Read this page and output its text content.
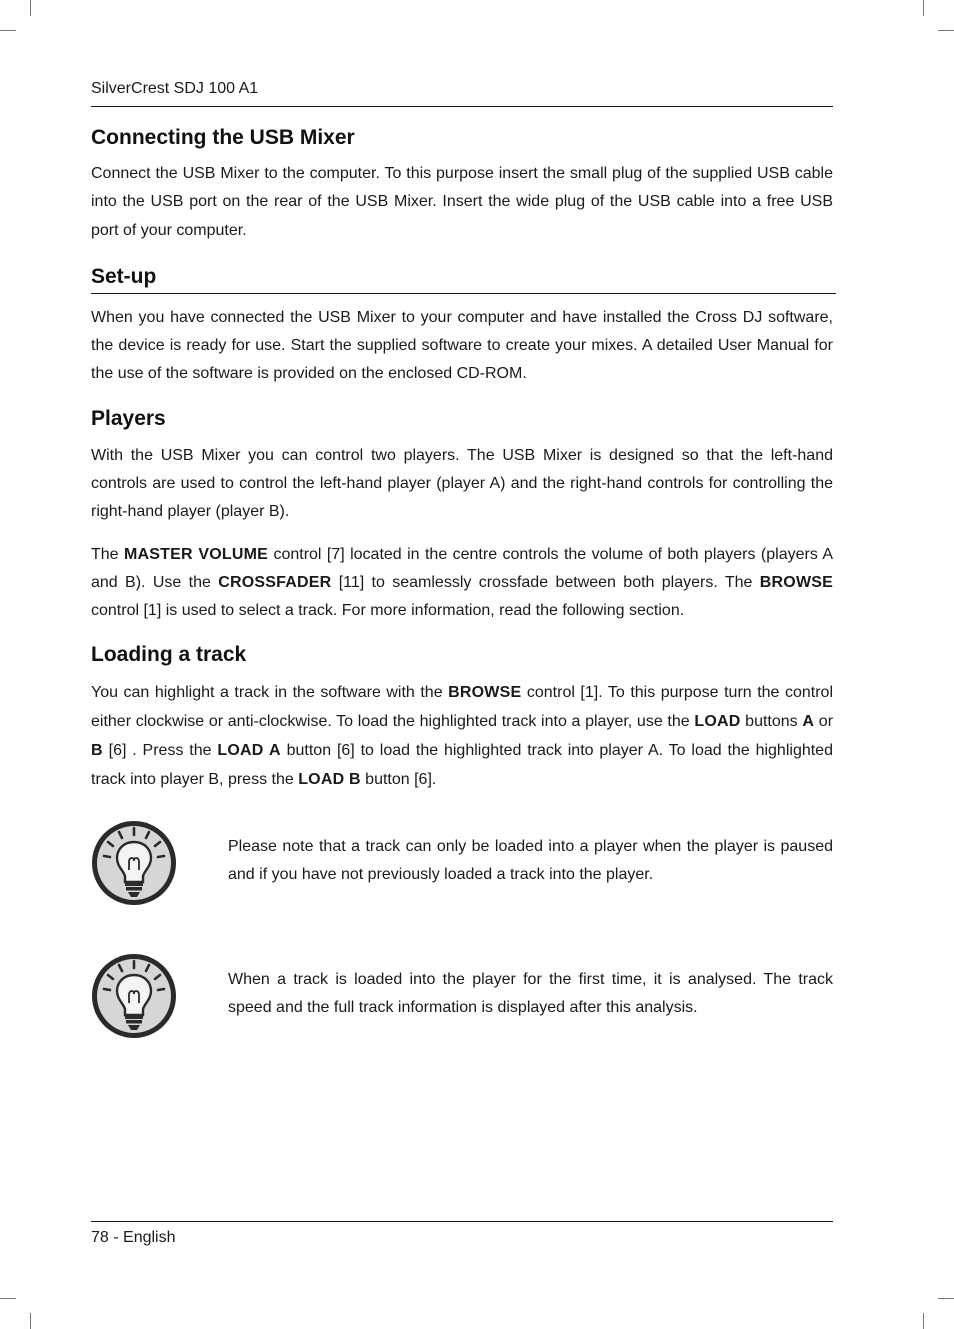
SilverCrest SDJ 100 A1
Connecting the USB Mixer

Connect the USB Mixer to the computer. To this purpose insert the small plug of the supplied USB cable into the USB port on the rear of the USB Mixer. Insert the wide plug of the USB cable into a free USB port of your computer.

Set-up

When you have connected the USB Mixer to your computer and have installed the Cross DJ software, the device is ready for use. Start the supplied software to create your mixes. A detailed User Manual for the use of the software is provided on the enclosed CD-ROM.

Players

With the USB Mixer you can control two players. The USB Mixer is designed so that the left-hand controls are used to control the left-hand player (player A) and the right-hand controls for controlling the right-hand player (player B).

The MASTER VOLUME control [7] located in the centre controls the volume of both players (players A and B). Use the CROSSFADER [11] to seamlessly crossfade between both players. The BROWSE control [1] is used to select a track. For more information, read the following section.

Loading a track

You can highlight a track in the software with the BROWSE control [1]. To this purpose turn the control either clockwise or anti-clockwise. To load the highlighted track into a player, use the LOAD buttons A or B [6] . Press the LOAD A button [6] to load the highlighted track into player A. To load the highlighted track into player B, press the LOAD B button [6].

Please note that a track can only be loaded into a player when the player is paused and if you have not previously loaded a track into the player.

When a track is loaded into the player for the first time, it is analysed. The track speed and the full track information is displayed after this analysis.

78 - English
